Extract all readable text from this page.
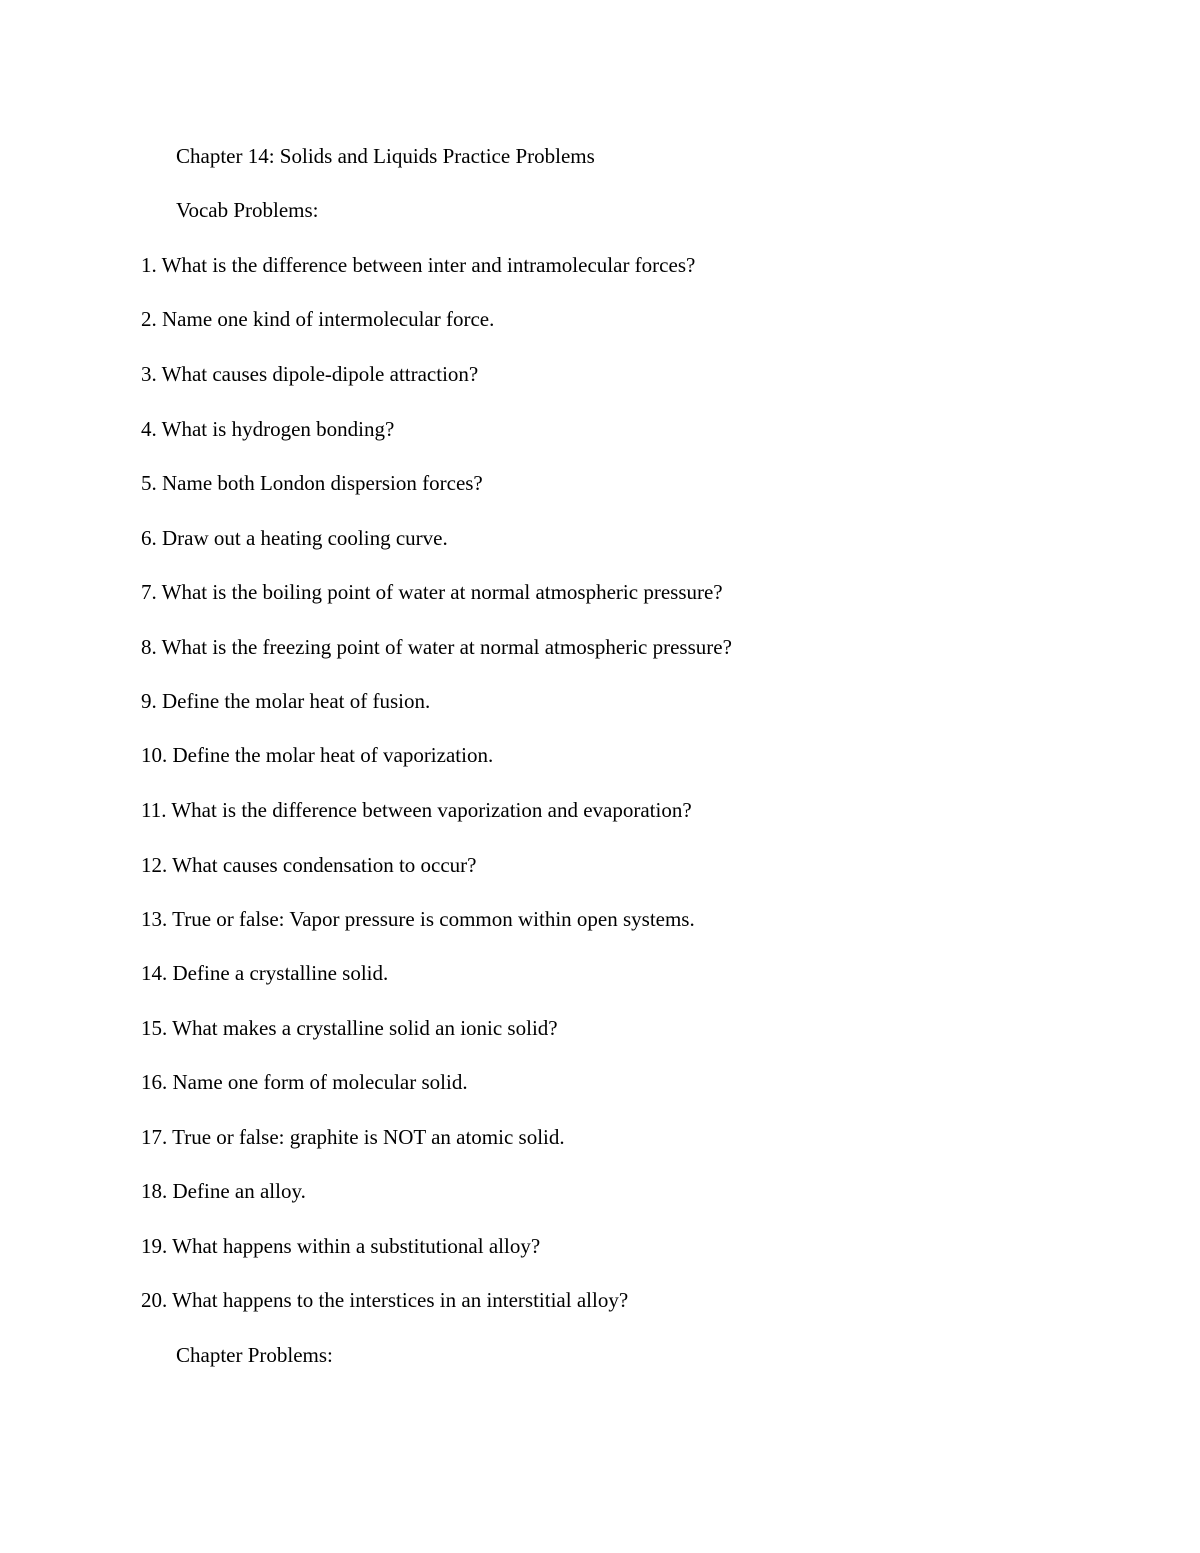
Chapter 14: Solids and Liquids Practice Problems
Vocab Problems:
1. What is the difference between inter and intramolecular forces?
2. Name one kind of intermolecular force.
3. What causes dipole-dipole attraction?
4. What is hydrogen bonding?
5. Name both London dispersion forces?
6. Draw out a heating cooling curve.
7. What is the boiling point of water at normal atmospheric pressure?
8. What is the freezing point of water at normal atmospheric pressure?
9. Define the molar heat of fusion.
10. Define the molar heat of vaporization.
11. What is the difference between vaporization and evaporation?
12. What causes condensation to occur?
13. True or false: Vapor pressure is common within open systems.
14. Define a crystalline solid.
15. What makes a crystalline solid an ionic solid?
16. Name one form of molecular solid.
17. True or false: graphite is NOT an atomic solid.
18. Define an alloy.
19. What happens within a substitutional alloy?
20. What happens to the interstices in an interstitial alloy?
Chapter Problems:
